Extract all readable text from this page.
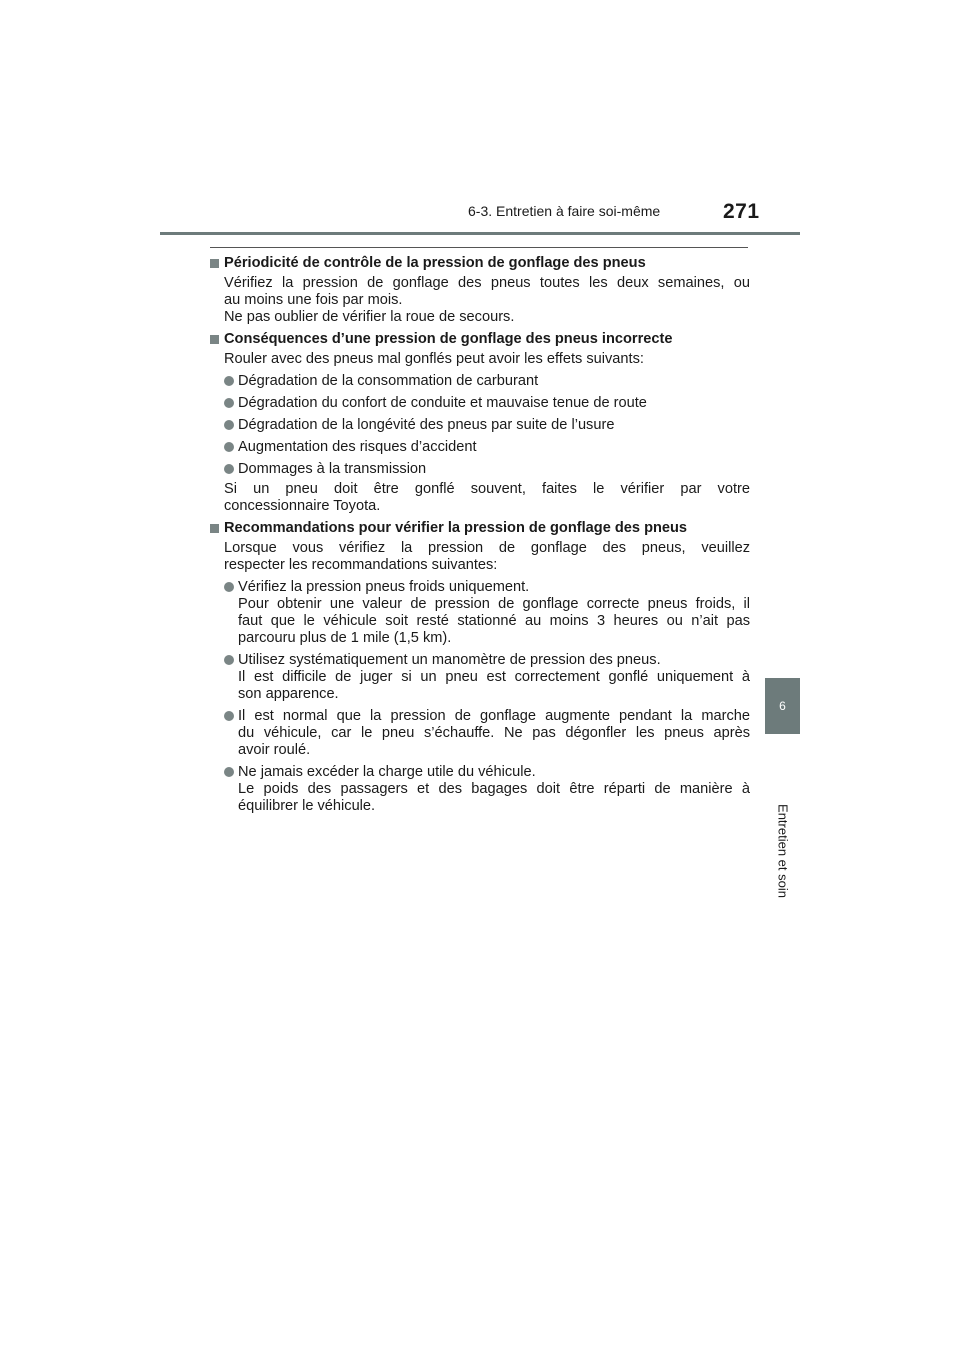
6-3. Entretien à faire soi-même	271
6
Entretien et soin
Périodicité de contrôle de la pression de gonflage des pneus
Vérifiez la pression de gonflage des pneus toutes les deux semaines, ou
au moins une fois par mois.
Ne pas oublier de vérifier la roue de secours.
Conséquences d’une pression de gonflage des pneus incorrecte
Rouler avec des pneus mal gonflés peut avoir les effets suivants:
Dégradation de la consommation de carburant
Dégradation du confort de conduite et mauvaise tenue de route
Dégradation de la longévité des pneus par suite de l’usure
Augmentation des risques d’accident
Dommages à la transmission
Si un pneu doit être gonflé souvent, faites le vérifier par votre
concessionnaire Toyota.
Recommandations pour vérifier la pression de gonflage des pneus
Lorsque vous vérifiez la pression de gonflage des pneus, veuillez
respecter les recommandations suivantes:
Vérifiez la pression pneus froids uniquement.
Pour obtenir une valeur de pression de gonflage correcte pneus froids, il
faut que le véhicule soit resté stationné au moins 3 heures ou n’ait pas
parcouru plus de 1 mile (1,5 km).
Utilisez systématiquement un manomètre de pression des pneus.
Il est difficile de juger si un pneu est correctement gonflé uniquement à
son apparence.
Il est normal que la pression de gonflage augmente pendant la marche
du véhicule, car le pneu s’échauffe. Ne pas dégonfler les pneus après
avoir roulé.
Ne jamais excéder la charge utile du véhicule.
Le poids des passagers et des bagages doit être réparti de manière à
équilibrer le véhicule.
